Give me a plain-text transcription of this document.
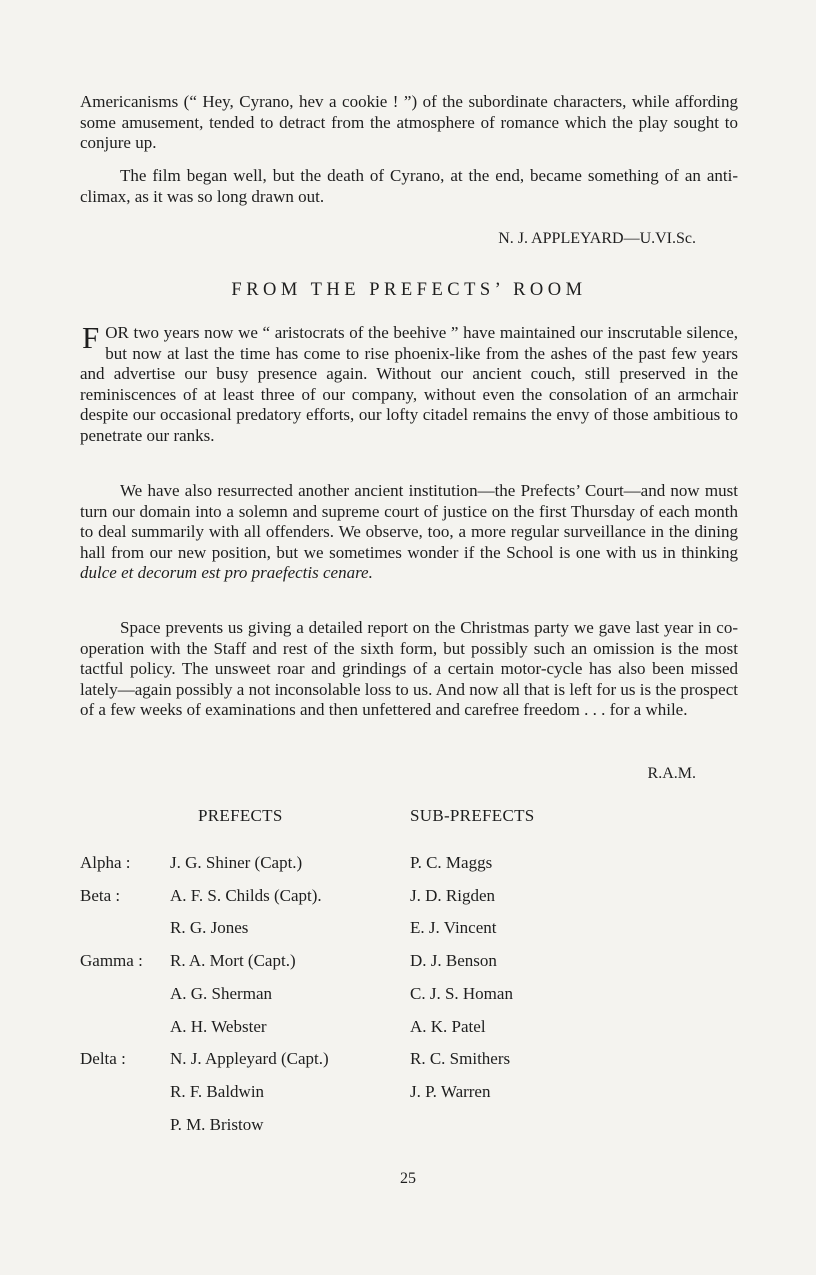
Americanisms (“ Hey, Cyrano, hev a cookie ! ”) of the subordinate characters, while affording some amusement, tended to detract from the atmosphere of romance which the play sought to conjure up.

The film began well, but the death of Cyrano, at the end, became something of an anti-climax, as it was so long drawn out.

N. J. APPLEYARD—U.VI.Sc.
FROM THE PREFECTS’ ROOM

FOR two years now we “ aristocrats of the beehive ” have maintained our inscrutable silence, but now at last the time has come to rise phoenix-like from the ashes of the past few years and advertise our busy presence again. Without our ancient couch, still preserved in the reminiscences of at least three of our company, without even the consolation of an armchair despite our occasional predatory efforts, our lofty citadel remains the envy of those ambitious to penetrate our ranks.

We have also resurrected another ancient institution—the Prefects’ Court—and now must turn our domain into a solemn and supreme court of justice on the first Thursday of each month to deal summarily with all offenders. We observe, too, a more regular surveillance in the dining hall from our new position, but we sometimes wonder if the School is one with us in thinking dulce et decorum est pro praefectis cenare.

Space prevents us giving a detailed report on the Christmas party we gave last year in co-operation with the Staff and rest of the sixth form, but possibly such an omission is the most tactful policy. The unsweet roar and grindings of a certain motor-cycle has also been missed lately—again possibly a not inconsolable loss to us. And now all that is left for us is the prospect of a few weeks of examinations and then unfettered and carefree freedom . . . for a while.

R.A.M.
PREFECTS	SUB-PREFECTS
Alpha : J. G. Shiner (Capt.)	P. C. Maggs
Beta :	A. F. S. Childs (Capt).	J. D. Rigden
R. G. Jones	E. J. Vincent
Gamma : R. A. Mort (Capt.)	D. J. Benson
A. G. Sherman	C. J. S. Homan
A. H. Webster	A. K. Patel
Delta :	N. J. Appleyard (Capt.)	R. C. Smithers
R. F. Baldwin	J. P. Warren
P. M. Bristow
25
